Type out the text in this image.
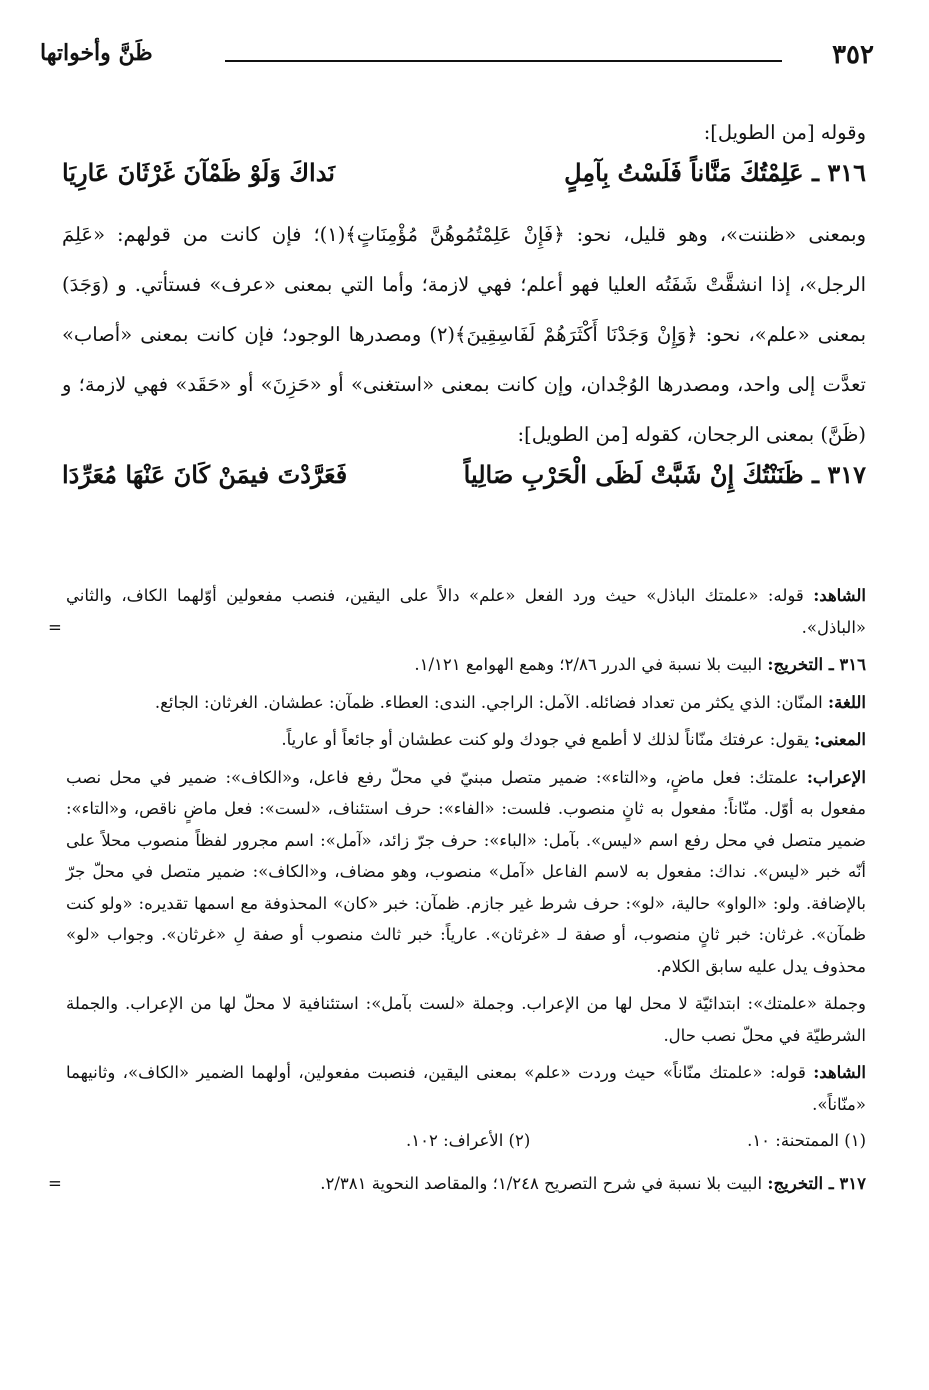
٣٥٢
ظَنَّ وأخواتها

وقوله [من الطويل]:

٣١٦ ـ عَلِمْتُكَ مَنَّاناً فَلَسْتُ بِآمِلٍ
نَداكَ وَلَوْ ظَمْآنَ غَرْثَانَ عَارِيَا

وبمعنى «ظننت»، وهو قليل، نحو: ﴿فَإِنْ عَلِمْتُمُوهُنَّ مُؤْمِنَاتٍ﴾(١)؛ فإن كانت من قولهم: «عَلِمَ الرجل»، إذا انشقَّتْ شَفَتُه العليا فهو أعلم؛ فهي لازمة؛ وأما التي بمعنى «عرف» فستأتي. و (وَجَدَ) بمعنى «علم»، نحو: ﴿وَإِنْ وَجَدْنَا أَكْثَرَهُمْ لَفَاسِقِينَ﴾(٢) ومصدرها الوجود؛ فإن كانت بمعنى «أصاب» تعدَّت إلى واحد، ومصدرها الوُجْدان، وإن كانت بمعنى «استغنى» أو «حَزِنَ» أو «حَقَد» فهي لازمة؛ و (ظَنَّ) بمعنى الرجحان، كقوله [من الطويل]:

٣١٧ ـ ظَنَنْتُكَ إِنْ شَبَّتْ لَظَى الْحَرْبِ صَالِياً
فَعَرَّدْتَ فيمَنْ كَانَ عَنْهَا مُعَرِّدَا

الشاهد: قوله: «علمتك الباذل» حيث ورد الفعل «علم» دالاً على اليقين، فنصب مفعولين أوّلهما الكاف، والثاني «الباذل».
=

٣١٦ ـ التخريج: البيت بلا نسبة في الدرر ٢/٨٦؛ وهمع الهوامع ١/١٢١.

اللغة: المنّان: الذي يكثر من تعداد فضائله. الآمل: الراجي. الندى: العطاء. ظمآن: عطشان. الغرثان: الجائع.

المعنى: يقول: عرفتك منّاناً لذلك لا أطمع في جودك ولو كنت عطشان أو جائعاً أو عارياً.

الإعراب: علمتك: فعل ماضٍ، و«التاء»: ضمير متصل مبنيّ في محلّ رفع فاعل، و«الكاف»: ضمير في محل نصب مفعول به أوّل. منّاناً: مفعول به ثانٍ منصوب. فلست: «الفاء»: حرف استئناف، «لست»: فعل ماضٍ ناقص، و«التاء»: ضمير متصل في محل رفع اسم «ليس». بآمل: «الباء»: حرف جرّ زائد، «آمل»: اسم مجرور لفظاً منصوب محلاً على أنّه خبر «ليس». نداك: مفعول به لاسم الفاعل «آمل» منصوب، وهو مضاف، و«الكاف»: ضمير متصل في محلّ جرّ بالإضافة. ولو: «الواو» حالية، «لو»: حرف شرط غير جازم. ظمآن: خبر «كان» المحذوفة مع اسمها تقديره: «ولو كنت ظمآن». غرثان: خبر ثانٍ منصوب، أو صفة لـ «غرثان». عارياً: خبر ثالث منصوب أو صفة لِ «غرثان». وجواب «لو» محذوف يدل عليه سابق الكلام.

وجملة «علمتك»: ابتدائيّة لا محل لها من الإعراب. وجملة «لست بآمل»: استئنافية لا محلّ لها من الإعراب. والجملة الشرطيّة في محلّ نصب حال.

الشاهد: قوله: «علمتك منّاناً» حيث وردت «علم» بمعنى اليقين، فنصبت مفعولين، أولهما الضمير «الكاف»، وثانيهما «منّاناً».

(١) الممتحنة: ١٠.
(٢) الأعراف: ١٠٢.

٣١٧ ـ التخريج: البيت بلا نسبة في شرح التصريح ١/٢٤٨؛ والمقاصد النحوية ٢/٣٨١.
=
